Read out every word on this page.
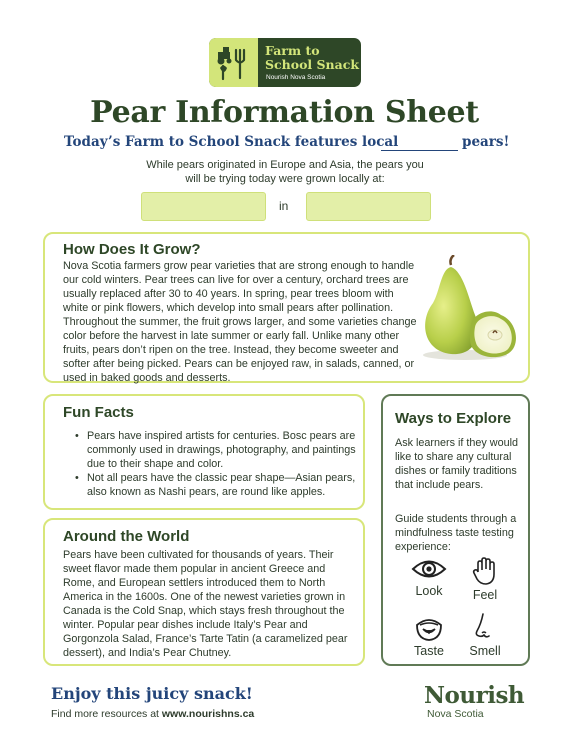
Farm to
School Snack
Nourish Nova Scotia
Pear Information Sheet
Today’s Farm to School Snack features local	pears!
While pears originated in Europe and Asia, the pears you will be trying today were grown locally at:
in
How Does It Grow?
Nova Scotia farmers grow pear varieties that are strong enough to handle our cold winters. Pear trees can live for over a century, orchard trees are usually replaced after 30 to 40 years. In spring, pear trees bloom with white or pink flowers, which develop into small pears after pollination. Throughout the summer, the fruit grows larger, and some varieties change color before the harvest in late summer or early fall. Unlike many other fruits, pears don’t ripen on the tree. Instead, they become sweeter and softer after being picked. Pears can be enjoyed raw, in salads, canned, or used in baked goods and desserts.
Fun Facts
• Pears have inspired artists for centuries. Bosc pears are commonly used in drawings, photography, and paintings due to their shape and color.
• Not all pears have the classic pear shape—Asian pears, also known as Nashi pears, are round like apples.
Around the World
Pears have been cultivated for thousands of years. Their sweet flavor made them popular in ancient Greece and Rome, and European settlers introduced them to North America in the 1600s. One of the newest varieties grown in Canada is the Cold Snap, which stays fresh throughout the winter. Popular pear dishes include Italy’s Pear and Gorgonzola Salad, France’s Tarte Tatin (a caramelized pear dessert), and India’s Pear Chutney.
Ways to Explore
Ask learners if they would like to share any cultural dishes or family traditions that include pears.
Guide students through a mindfulness taste testing experience:
Look	Feel
Taste	Smell
Enjoy this juicy snack!
Find more resources at www.nourishns.ca
Nourish
Nova Scotia
